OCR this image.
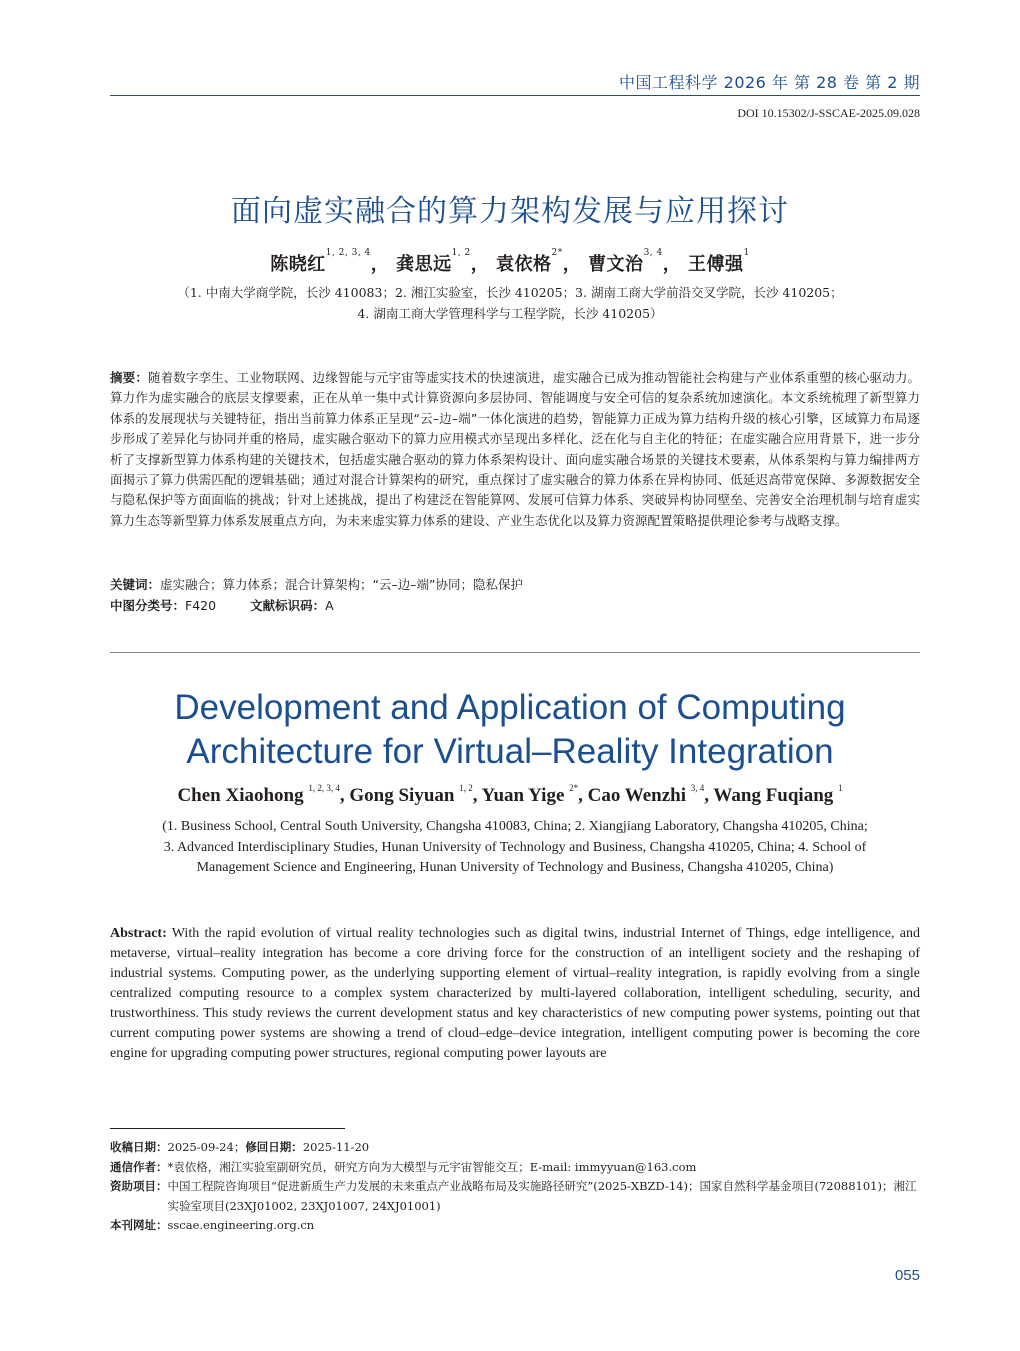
中国工程科学 2026 年 第 28 卷 第 2 期
DOI 10.15302/J-SSCAE-2025.09.028
面向虚实融合的算力架构发展与应用探讨
陈晓红$^{1, 2, 3, 4}$， 龚思远$^{1, 2}$， 袁依格$^{2*}$， 曹文治$^{3, 4}$， 王傅强$^1$
（1. 中南大学商学院，长沙 410083；2. 湘江实验室，长沙 410205；3. 湖南工商大学前沿交叉学院，长沙 410205；
4. 湖南工商大学管理科学与工程学院，长沙 410205）
摘要：随着数字孪生、工业物联网、边缘智能与元宇宙等虚实技术的快速演进，虚实融合已成为推动智能社会构建与产业体系重塑的核心驱动力。算力作为虚实融合的底层支撑要素，正在从单一集中式计算资源向多层协同、智能调度与安全可信的复杂系统加速演化。本文系统梳理了新型算力体系的发展现状与关键特征，指出当前算力体系正呈现“云–边–端”一体化演进的趋势，智能算力正成为算力结构升级的核心引擎，区域算力布局逐步形成了差异化与协同并重的格局，虚实融合驱动下的算力应用模式亦呈现出多样化、泛在化与自主化的特征；在虚实融合应用背景下，进一步分析了支撑新型算力体系构建的关键技术，包括虚实融合驱动的算力体系架构设计、面向虚实融合场景的关键技术要素，从体系架构与算力编排两方面揭示了算力供需匹配的逻辑基础；通过对混合计算架构的研究，重点探讨了虚实融合的算力体系在异构协同、低延迟高带宽保障、多源数据安全与隐私保护等方面面临的挑战；针对上述挑战，提出了构建泛在智能算网、发展可信算力体系、突破异构协同壁垒、完善安全治理机制与培育虚实算力生态等新型算力体系发展重点方向，为未来虚实算力体系的建设、产业生态优化以及算力资源配置策略提供理论参考与战略支撑。
关键词：虚实融合；算力体系；混合计算架构；“云–边–端”协同；隐私保护
中图分类号：F420	文献标识码：A
Development and Application of Computing
Architecture for Virtual–Reality Integration
Chen Xiaohong $^{1, 2, 3, 4}$, Gong Siyuan $^{1, 2}$, Yuan Yige $^{2*}$, Cao Wenzhi $^{3, 4}$, Wang Fuqiang $^1$
(1. Business School, Central South University, Changsha 410083, China; 2. Xiangjiang Laboratory, Changsha 410205, China;
3. Advanced Interdisciplinary Studies, Hunan University of Technology and Business, Changsha 410205, China; 4. School of
Management Science and Engineering, Hunan University of Technology and Business, Changsha 410205, China)
Abstract: With the rapid evolution of virtual reality technologies such as digital twins, industrial Internet of Things, edge intelligence, and metaverse, virtual–reality integration has become a core driving force for the construction of an intelligent society and the reshaping of industrial systems. Computing power, as the underlying supporting element of virtual–reality integration, is rapidly evolving from a single centralized computing resource to a complex system characterized by multi-layered collaboration, intelligent scheduling, security, and trustworthiness. This study reviews the current development status and key characteristics of new computing power systems, pointing out that current computing power systems are showing a trend of cloud–edge–device integration, intelligent computing power is becoming the core engine for upgrading computing power structures, regional computing power layouts are
收稿日期：2025-09-24；修回日期：2025-11-20
通信作者： *袁依格，湘江实验室副研究员，研究方向为大模型与元宇宙智能交互；E-mail: immyyuan@163.com
资助项目： 中国工程院咨询项目“促进新质生产力发展的未来重点产业战略布局及实施路径研究”(2025-XBZD-14)；国家自然科学基金项目(72088101)；湘江实验室项目(23XJ01002, 23XJ01007, 24XJ01001)
本刊网址： sscae.engineering.org.cn
055
